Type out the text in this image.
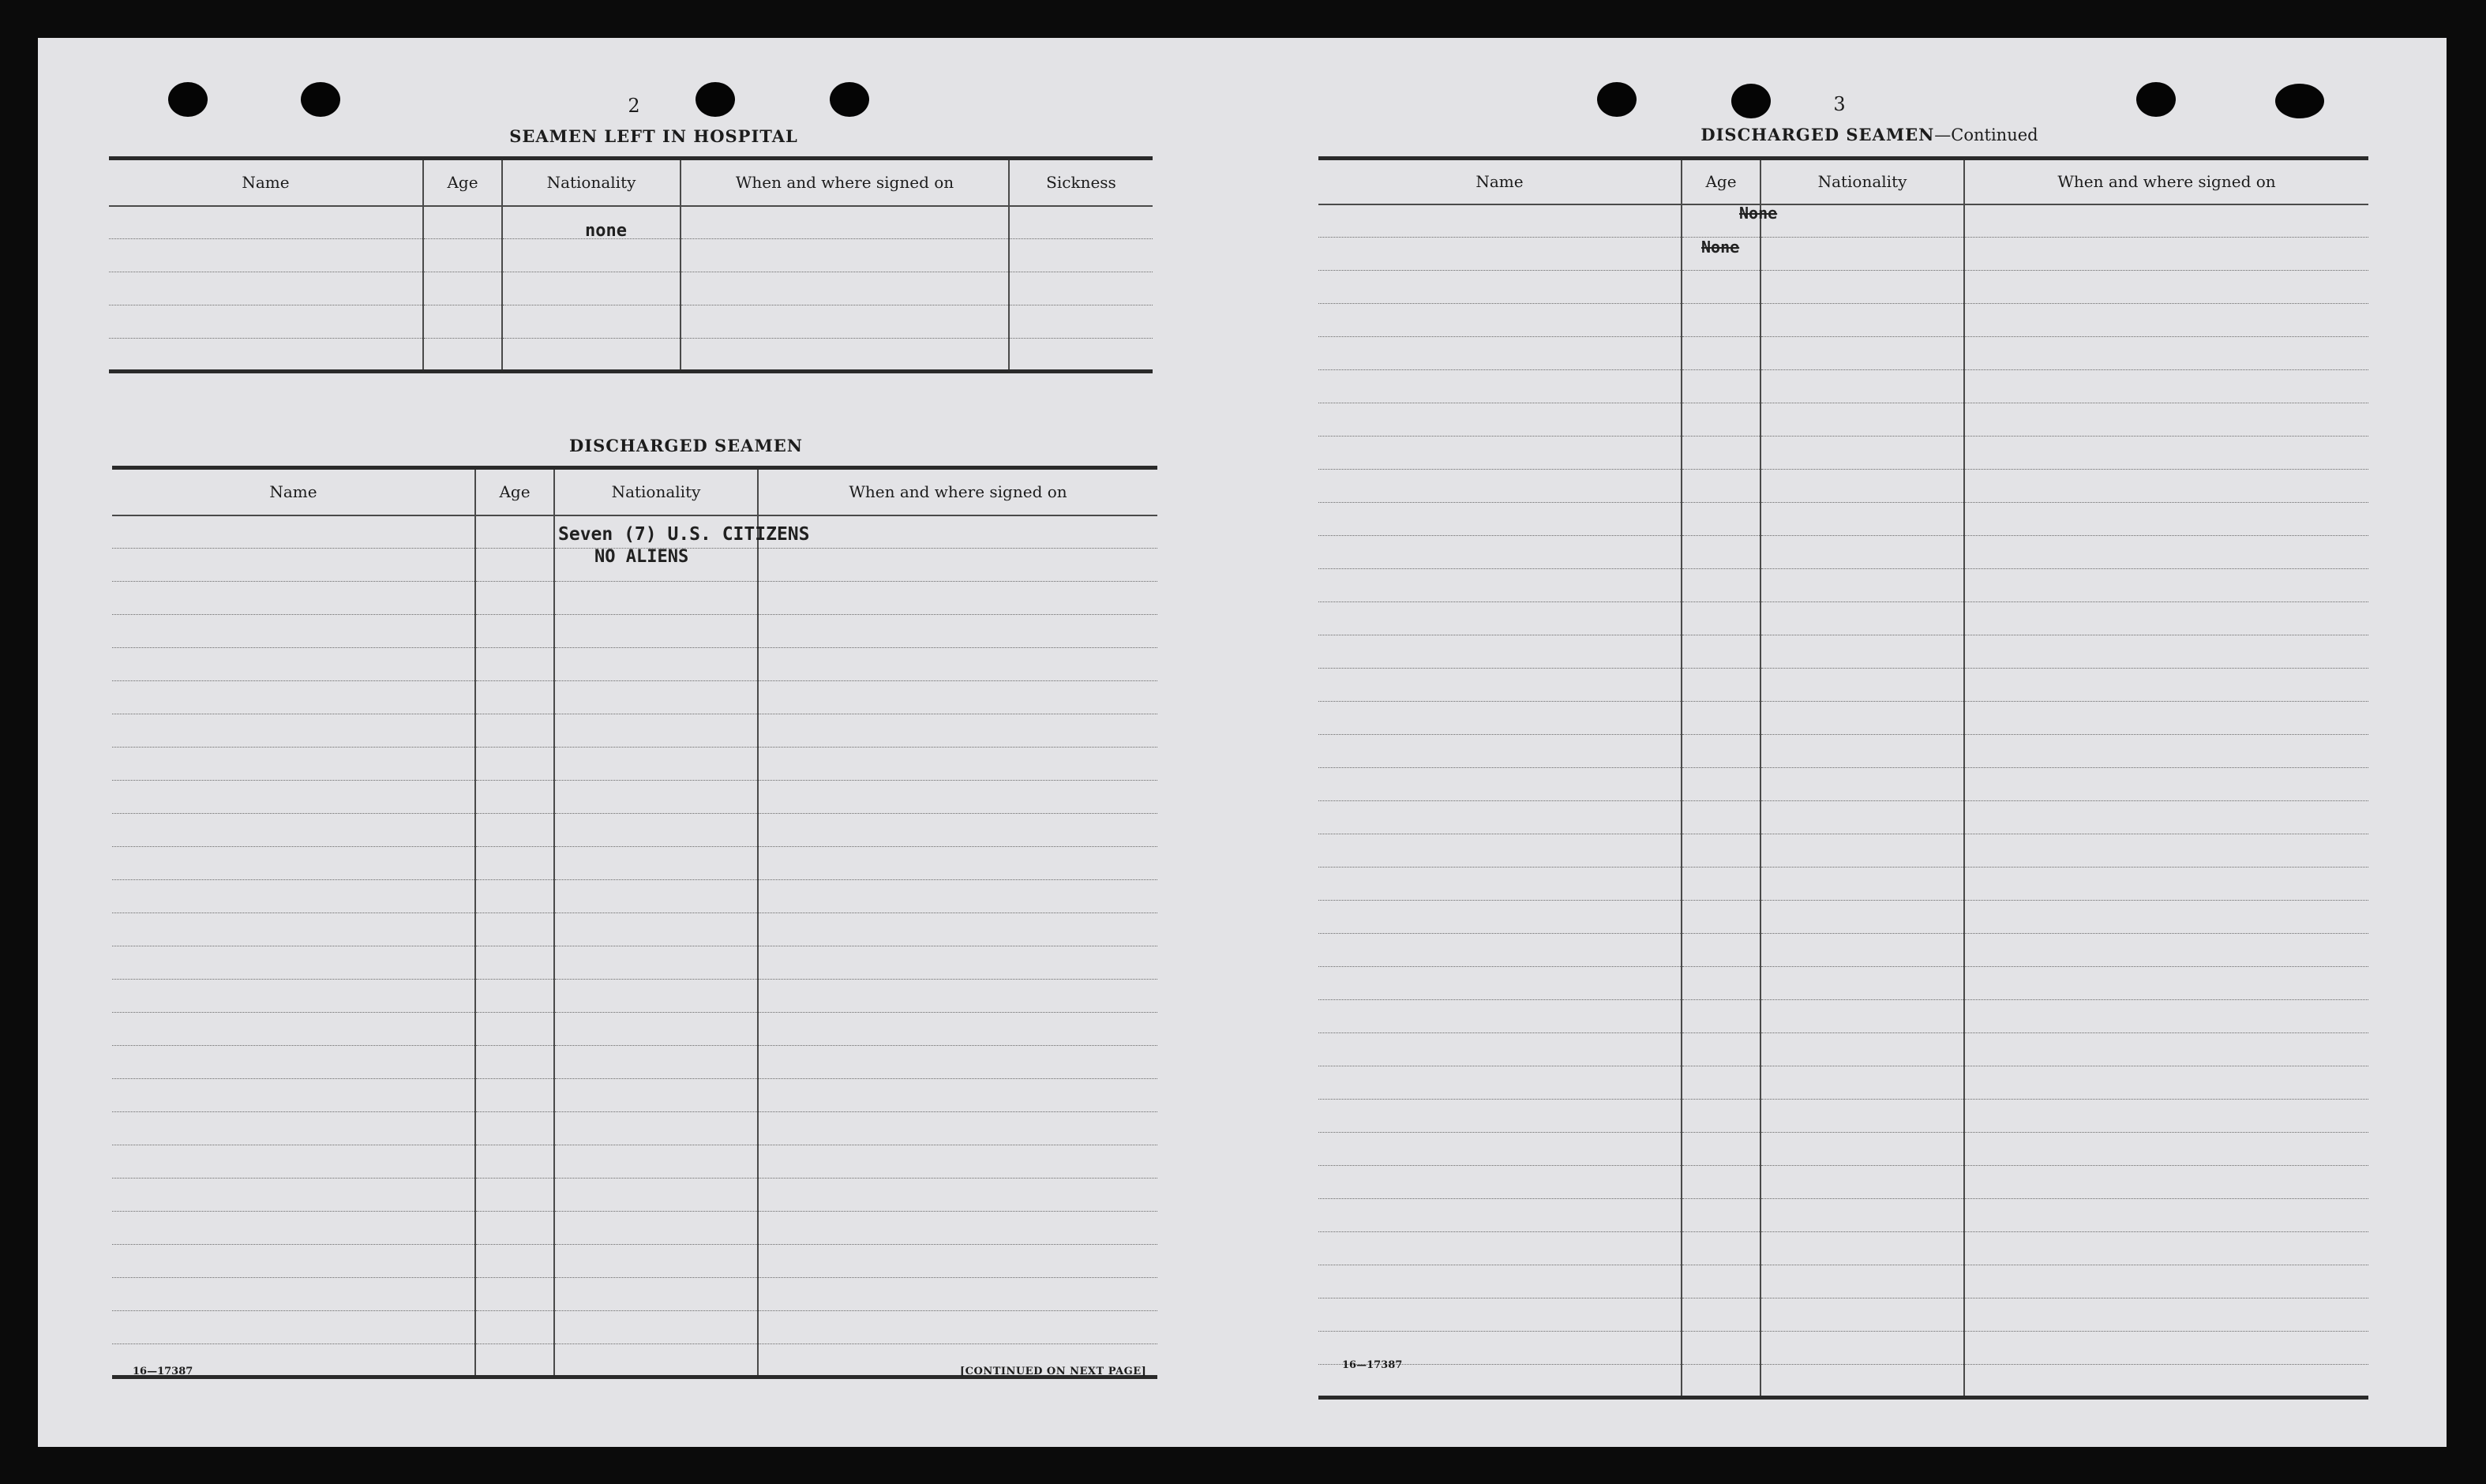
2
SEAMEN LEFT IN HOSPITAL
Name	Age	Nationality	When and where signed on	Sickness

		none		

DISCHARGED SEAMEN
Name	Age	Nationality	When and where signed on

		Seven (7) U.S. CITIZENS	

		NO ALIENS	

16—17387	[CONTINUED ON NEXT PAGE]
3
DISCHARGED SEAMEN—Continued
Name	Age	Nationality	When and where signed on

	None		

	None		

16—17387
